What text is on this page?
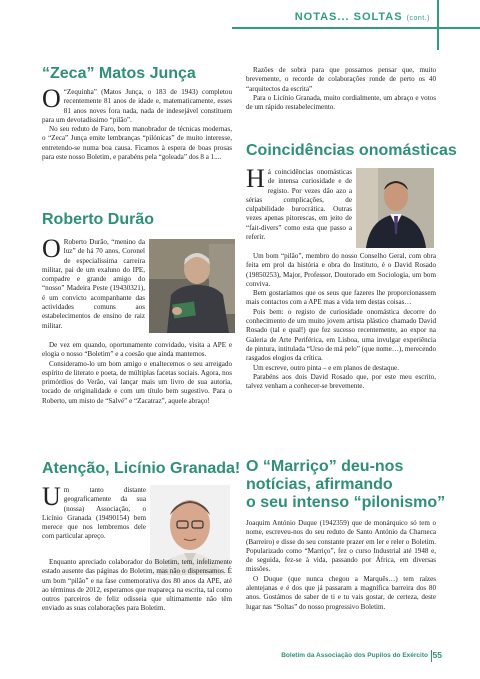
NOTAS... SOLTAS (cont.)
“Zeca” Matos Junça

O “Zequinha” (Matos Junça, o 183 de 1943) completou recentemente 81 anos de idade e, matematicamente, esses 81 anos noves fora nada, nada de indesejável constituem para um devotadíssimo “pilão”.

No seu reduto de Faro, bom manobrador de técnicas modernas, o “Zeca” Junça emite lembranças “pilónicas” de muito interesse, entretendo-se numa boa causa. Ficamos à espera de boas prosas para este nosso Boletim, e parabéns pela “goleada” dos 8 a 1....

Roberto Durão

O Roberto Durão, “menino da luz” de há 70 anos, Coronel de especialíssima carreira militar, pai de um exaluno do IPE, compadre e grande amigo do “nosso” Madeira Peste (19430321), é um convicto acompanhante das actividades comuns aos estabelecimentos de ensino de raiz militar.

De vez em quando, oportunamente convidado, visita a APE e elogia o nosso “Boletim” e a coesão que ainda mantemos.

Consideramo-lo um bom amigo e enaltecemos o seu arreigado espírito de literato e poeta, de múltiplas facetas sociais. Agora, nos primórdios do Verão, vai lançar mais um livro de sua autoria, tocado de originalidade e com um título bem sugestivo. Para o Roberto, um misto de “Salvé” e “Zacatraz”, aquele abraço!

Atenção, Licínio Granada!

Um tanto distante geograficamente da sua (nossa) Associação, o Licínio Granada (19490154) bem merece que nos lembremos dele com particular apreço.

Enquanto apreciado colaborador do Boletim, tem, infelizmente estado ausente das páginas do Boletim, mas não o dispensamos. É um bom “pilão” e na fase comemorativa dos 80 anos da APE, até ao términus de 2012, esperamos que reapareça na escrita, tal como outros parceiros de feliz odisseia que ultimamente não têm enviado as suas colaborações para Boletim.

Razões de sobra para que possamos pensar que, muito brevemente, o recorde de colaborações ronde de perto os 40 “arquitectos da escrita”

Para o Licínio Granada, muito cordialmente, um abraço e votos de um rápido restabelecimento.

Coincidências onomásticas

Há coincidências onomásticas de intensa curiosidade e de registo. Por vezes dão azo a sérias complicações, de culpabilidade burocrática. Outras vezes apenas pitorescas, em jeito de “fait-divers” como esta que passo a referir.

Um bom “pilão”, membro do nosso Conselho Geral, com obra feita em prol da história e obra do Instituto, é o David Rosado (19850253), Major, Professor, Doutorado em Sociologia, um bom conviva.

Bem gostaríamos que os seus que fazeres lhe proporcionassem mais contactos com a APE mas a vida tem destas coisas…

Pois bem: o registo de curiosidade onomástica decorre do conhecimento de um muito jovem artista plástico chamado David Rosado (tal e qual!) que fez sucesso recentemente, ao expor na Galeria de Arte Periférica, em Lisboa, uma invulgar experiência de pintura, intitulada “Urso de má pelo” (que nome…), merecendo rasgados elogios da crítica.

Um escreve, outro pinta – e em planos de destaque.

Parabéns aos dois David Rosado que, por este meu escrito, talvez venham a conhecer-se brevemente.

O “Marriço” deu-nos
notícias, afirmando
o seu intenso “pilonismo”

Joaquim António Duque (1942359) que de monárquico só tem o nome, escreveu-nos do seu reduto de Santo António da Charneca (Barreiro) e disse do seu constante prazer em ler e reler o Boletim. Popularizado como “Marriço”, fez o curso Industrial até 1948 e, de seguida, fez-se à vida, passando por África, em diversas missões.

O Duque (que nunca chegou a Marquês…) tem raízes alentejanas e é dos que já passaram a magnífica barreira dos 80 anos. Gostámos de saber de ti e tu vais gostar, de certeza, deste lugar nas “Soltas” do nosso progressivo Boletim.

Boletim da Associação dos Pupilos do Exército 55
